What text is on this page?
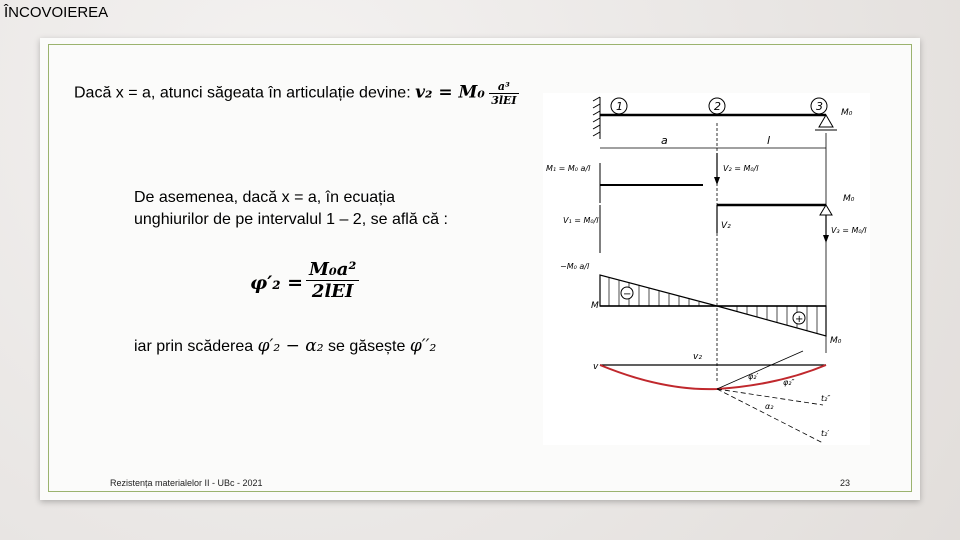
ÎNCOVOIEREA
Dacă x = a, atunci săgeata în articulație devine: $v_2 = M_0 \frac{\text{a³}}{\text{3lEI}}$
De asemenea, dacă x = a, în ecuația
unghiurilor de pe intervalul 1 – 2, se află că :
φ′₂ =
M₀a²
2lEI
iar prin scăderea φ′₂ − α₂ se găsește φ′′₂
1	2	3 M₀
a	l
M₁ = M₀ a/l	V₂ = M₀/l
M₀
V₁ = M₀/l
V₂	V₃ = M₀/l
−M₀ a/l
M
−
+
M₀
v
v₂
φ₂′
φ₂″
α₂
t₂″
t₂′
Rezistența materialelor II - UBc - 2021	23
